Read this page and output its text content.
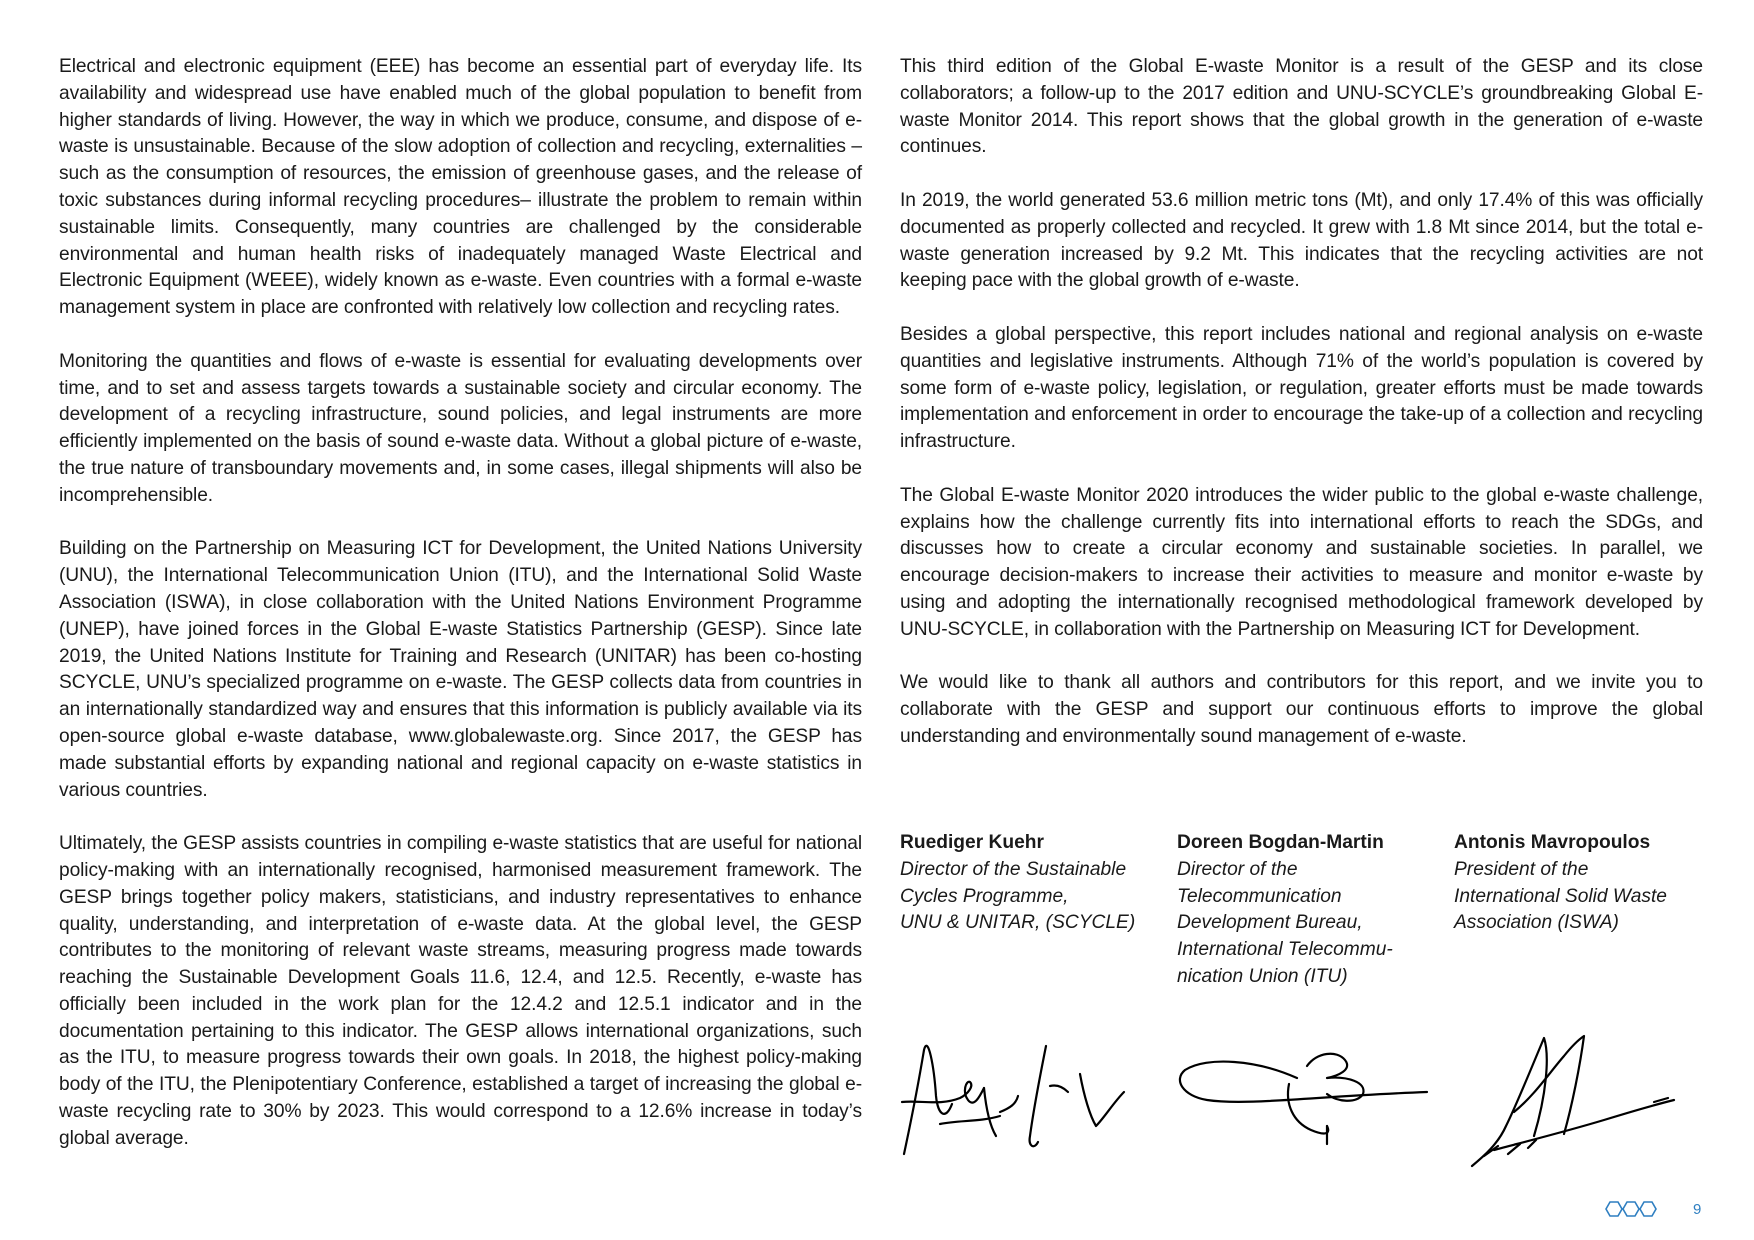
Electrical and electronic equipment (EEE) has become an essential part of everyday life. Its availability and widespread use have enabled much of the global population to benefit from higher standards of living. However, the way in which we produce, consume, and dispose of e-waste is unsustainable. Because of the slow adoption of collection and recycling, externalities –such as the consumption of resources, the emission of greenhouse gases, and the release of toxic substances during informal recycling procedures– illustrate the problem to remain within sustainable limits. Consequently, many countries are challenged by the considerable environmental and human health risks of inadequately managed Waste Electrical and Electronic Equipment (WEEE), widely known as e-waste. Even countries with a formal e-waste management system in place are confronted with relatively low collection and recycling rates.

Monitoring the quantities and flows of e-waste is essential for evaluating developments over time, and to set and assess targets towards a sustainable society and circular economy. The development of a recycling infrastructure, sound policies, and legal instruments are more efficiently implemented on the basis of sound e-waste data. Without a global picture of e-waste, the true nature of transboundary movements and, in some cases, illegal shipments will also be incomprehensible.

Building on the Partnership on Measuring ICT for Development, the United Nations University (UNU), the International Telecommunication Union (ITU), and the International Solid Waste Association (ISWA), in close collaboration with the United Nations Environment Programme (UNEP), have joined forces in the Global E-waste Statistics Partnership (GESP). Since late 2019, the United Nations Institute for Training and Research (UNITAR) has been co-hosting SCYCLE, UNU’s specialized programme on e-waste. The GESP collects data from countries in an internationally standardized way and ensures that this information is publicly available via its open-source global e-waste database, www.globalewaste.org. Since 2017, the GESP has made substantial efforts by expanding national and regional capacity on e-waste statistics in various countries.

Ultimately, the GESP assists countries in compiling e-waste statistics that are useful for national policy-making with an internationally recognised, harmonised measurement framework. The GESP brings together policy makers, statisticians, and industry representatives to enhance quality, understanding, and interpretation of e-waste data. At the global level, the GESP contributes to the monitoring of relevant waste streams, measuring progress made towards reaching the Sustainable Development Goals 11.6, 12.4, and 12.5. Recently, e-waste has officially been included in the work plan for the 12.4.2 and 12.5.1 indicator and in the documentation pertaining to this indicator. The GESP allows international organizations, such as the ITU, to measure progress towards their own goals. In 2018, the highest policy-making body of the ITU, the Plenipotentiary Conference, established a target of increasing the global e-waste recycling rate to 30% by 2023. This would correspond to a 12.6% increase in today’s global average.

This third edition of the Global E-waste Monitor is a result of the GESP and its close collaborators; a follow-up to the 2017 edition and UNU-SCYCLE’s groundbreaking Global E-waste Monitor 2014. This report shows that the global growth in the generation of e-waste continues.

In 2019, the world generated 53.6 million metric tons (Mt), and only 17.4% of this was officially documented as properly collected and recycled. It grew with 1.8 Mt since 2014, but the total e-waste generation increased by 9.2 Mt. This indicates that the recycling activities are not keeping pace with the global growth of e-waste.

Besides a global perspective, this report includes national and regional analysis on e-waste quantities and legislative instruments. Although 71% of the world’s population is covered by some form of e-waste policy, legislation, or regulation, greater efforts must be made towards implementation and enforcement in order to encourage the take-up of a collection and recycling infrastructure.

The Global E-waste Monitor 2020 introduces the wider public to the global e-waste challenge, explains how the challenge currently fits into international efforts to reach the SDGs, and discusses how to create a circular economy and sustainable societies. In parallel, we encourage decision-makers to increase their activities to measure and monitor e-waste by using and adopting the internationally recognised methodological framework developed by UNU-SCYCLE, in collaboration with the Partnership on Measuring ICT for Development.

We would like to thank all authors and contributors for this report, and we invite you to collaborate with the GESP and support our continuous efforts to improve the global understanding and environmentally sound management of e-waste.

Ruediger Kuehr
Director of the Sustainable
Cycles Programme,
UNU & UNITAR, (SCYCLE)
Doreen Bogdan-Martin
Director of the
Telecommunication
Development Bureau,
International Telecommu-
nication Union (ITU)
Antonis Mavropoulos
President of the
International Solid Waste
Association (ISWA)
9
